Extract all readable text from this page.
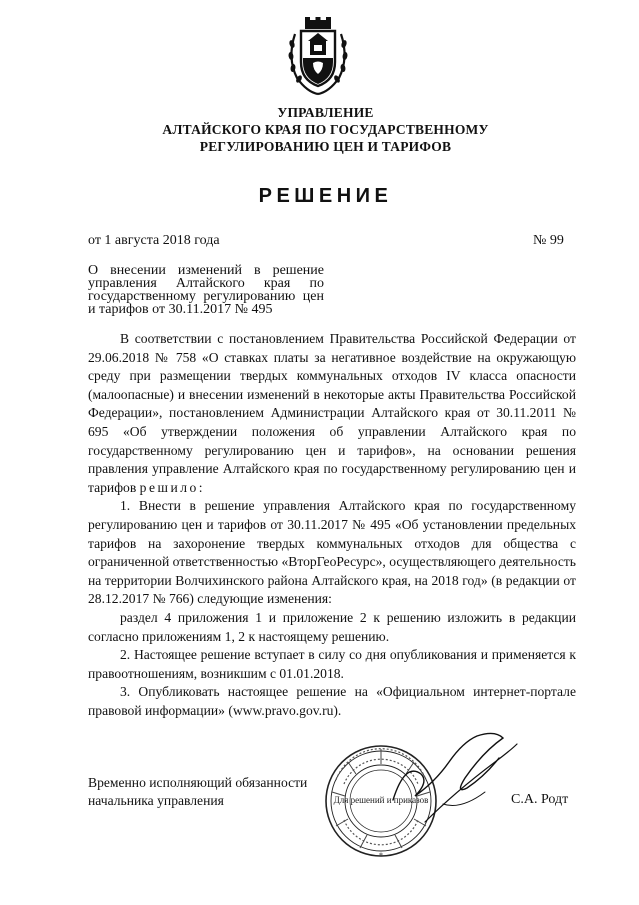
УПРАВЛЕНИЕ
АЛТАЙСКОГО КРАЯ ПО ГОСУДАРСТВЕННОМУ
РЕГУЛИРОВАНИЮ ЦЕН И ТАРИФОВ
РЕШЕНИЕ
от 1 августа 2018 года	№ 99
О внесении изменений в решение управления Алтайского края по государственному регулированию цен и тарифов от 30.11.2017 № 495

В соответствии с постановлением Правительства Российской Федерации от 29.06.2018 № 758 «О ставках платы за негативное воздействие на окружающую среду при размещении твердых коммунальных отходов IV класса опасности (малоопасные) и внесении изменений в некоторые акты Правительства Российской Федерации», постановлением Администрации Алтайского края от 30.11.2011 № 695 «Об утверждении положения об управлении Алтайского края по государственному регулированию цен и тарифов», на основании решения правления управление Алтайского края по государственному регулированию цен и тарифов решило:

1. Внести в решение управления Алтайского края по государственному регулированию цен и тарифов от 30.11.2017 № 495 «Об установлении предельных тарифов на захоронение твердых коммунальных отходов для общества с ограниченной ответственностью «ВторГеоРесурс», осуществляющего деятельность на территории Волчихинского района Алтайского края, на 2018 год» (в редакции от 28.12.2017 № 766) следующие изменения:

раздел 4 приложения 1 и приложение 2 к решению изложить в редакции согласно приложениям 1, 2 к настоящему решению.

2. Настоящее решение вступает в силу со дня опубликования и применяется к правоотношениям, возникшим с 01.01.2018.

3. Опубликовать настоящее решение на «Официальном интернет-портале правовой информации» (www.pravo.gov.ru).

Для решений и приказов
*
Временно исполняющий обязанности
начальника управления	С.А. Родт
